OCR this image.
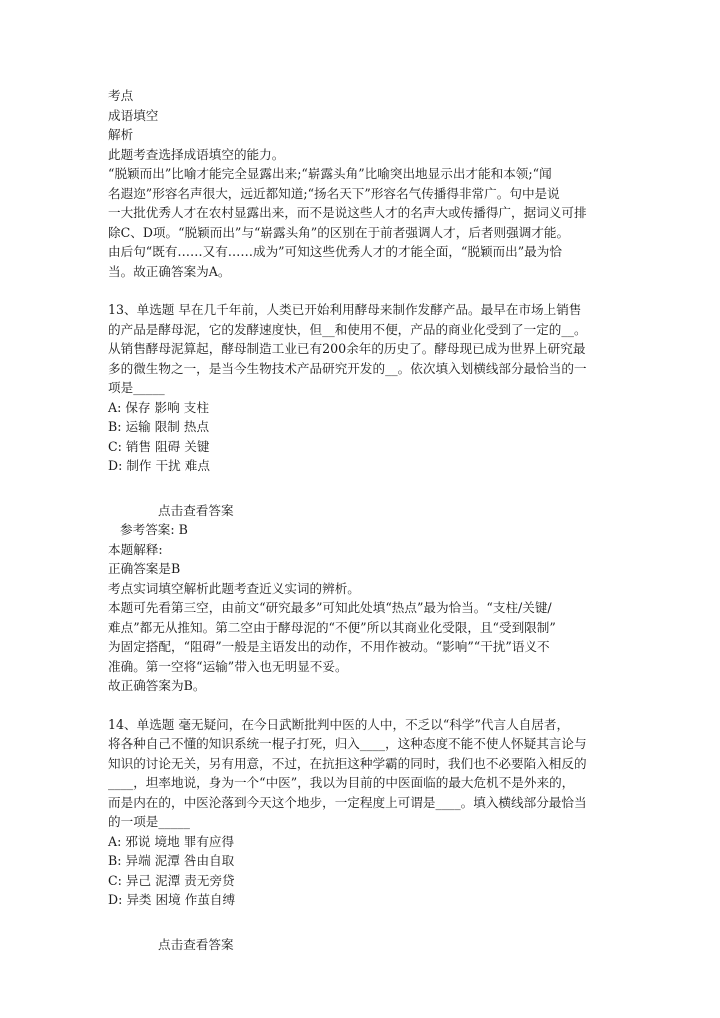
考点
成语填空
解析
此题考查选择成语填空的能力。
“脱颖而出”比喻才能完全显露出来;“崭露头角”比喻突出地显示出才能和本领;“闻
名遐迩”形容名声很大，远近都知道;“扬名天下”形容名气传播得非常广。句中是说
一大批优秀人才在农村显露出来，而不是说这些人才的名声大或传播得广，据词义可排
除C、D项。“脱颖而出”与“崭露头角”的区别在于前者强调人才，后者则强调才能。
由后句“既有……又有……成为”可知这些优秀人才的才能全面，“脱颖而出”最为恰
当。故正确答案为A。
13、单选题 早在几千年前，人类已开始利用酵母来制作发酵产品。最早在市场上销售
的产品是酵母泥，它的发酵速度快，但__和使用不便，产品的商业化受到了一定的__。
从销售酵母泥算起，酵母制造工业已有200余年的历史了。酵母现已成为世界上研究最
多的微生物之一，是当今生物技术产品研究开发的__。依次填入划横线部分最恰当的一
项是_____
A: 保存 影响 支柱
B: 运输 限制 热点
C: 销售 阻碍 关键
D: 制作 干扰 难点
点击查看答案
参考答案: B
本题解释:
正确答案是B
考点实词填空解析此题考查近义实词的辨析。
本题可先看第三空，由前文“研究最多”可知此处填“热点”最为恰当。“支柱/关键/
难点”都无从推知。第二空由于酵母泥的“不便”所以其商业化受限，且“受到限制”
为固定搭配，“阻碍”一般是主语发出的动作，不用作被动。“影响”“干扰”语义不
准确。第一空将“运输”带入也无明显不妥。
故正确答案为B。
14、单选题 毫无疑问，在今日武断批判中医的人中，不乏以“科学”代言人自居者，
将各种自己不懂的知识系统一棍子打死，归入____，这种态度不能不使人怀疑其言论与
知识的讨论无关，另有用意，不过，在抗拒这种学霸的同时，我们也不必要陷入相反的
____，坦率地说，身为一个“中医”，我以为目前的中医面临的最大危机不是外来的，
而是内在的，中医沦落到今天这个地步，一定程度上可谓是____。填入横线部分最恰当
的一项是_____
A: 邪说 境地 罪有应得
B: 异端 泥潭 咎由自取
C: 异己 泥潭 责无旁贷
D: 异类 困境 作茧自缚
点击查看答案
